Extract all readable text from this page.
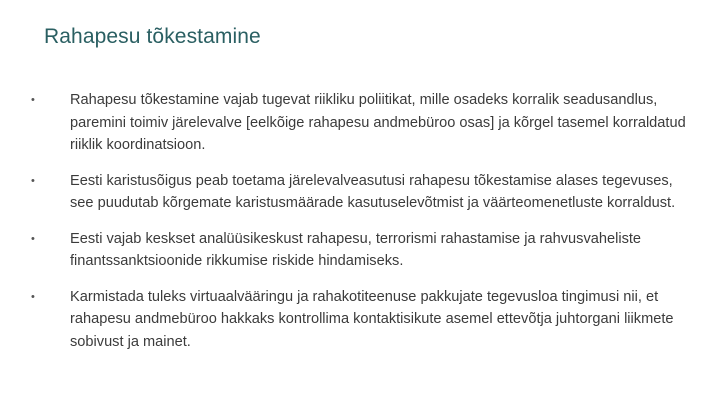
Rahapesu tõkestamine
• Rahapesu tõkestamine vajab tugevat riikliku poliitikat, mille osadeks korralik seadusandlus, paremini toimiv järelevalve [eelkõige rahapesu andmebüroo osas] ja kõrgel tasemel korraldatud riiklik koordinatsioon.
• Eesti karistusõigus peab toetama järelevalveasutusi rahapesu tõkestamise alases tegevuses, see puudutab kõrgemate karistusmäärade kasutuselevõtmist ja väärteomenetluste korraldust.
• Eesti vajab keskset analüüsikeskust rahapesu, terrorismi rahastamise ja rahvusvaheliste finantssanktsioonide rikkumise riskide hindamiseks.
• Karmistada tuleks virtuaalvääringu ja rahakotiteenuse pakkujate tegevusloa tingimusi nii, et rahapesu andmebüroo hakkaks kontrollima kontaktisikute asemel ettevõtja juhtorgani liikmete sobivust ja mainet.
